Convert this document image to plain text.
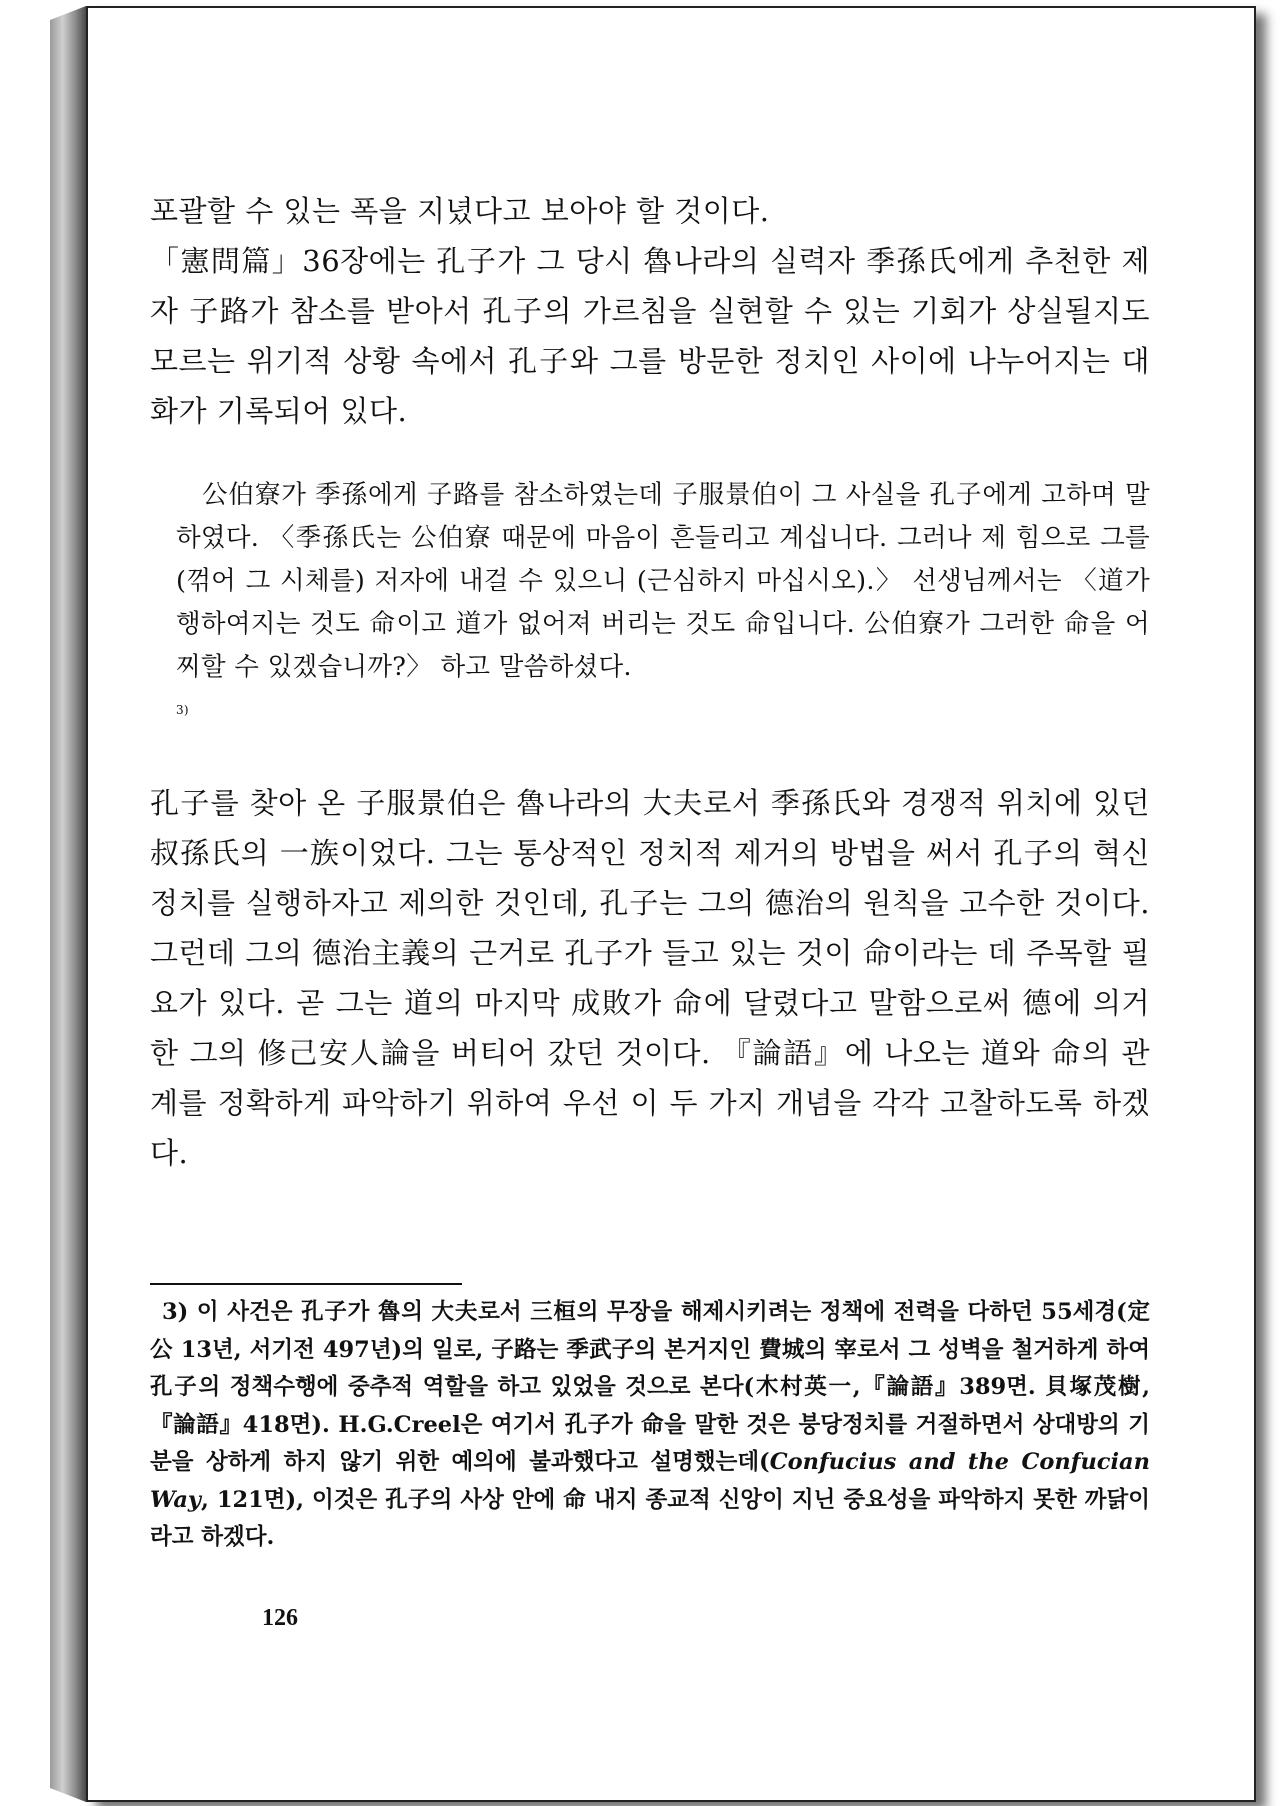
포괄할 수 있는 폭을 지녔다고 보아야 할 것이다.

「憲問篇」36장에는 孔子가 그 당시 魯나라의 실력자 季孫氏에게 추천한 제자 子路가 참소를 받아서 孔子의 가르침을 실현할 수 있는 기회가 상실될지도 모르는 위기적 상황 속에서 孔子와 그를 방문한 정치인 사이에 나누어지는 대화가 기록되어 있다.

公伯寮가 季孫에게 子路를 참소하였는데 子服景伯이 그 사실을 孔子에게 고하며 말하였다. 〈季孫氏는 公伯寮 때문에 마음이 흔들리고 계십니다. 그러나 제 힘으로 그를(꺾어 그 시체를) 저자에 내걸 수 있으니 (근심하지 마십시오).〉 선생님께서는 〈道가 행하여지는 것도 命이고 道가 없어져 버리는 것도 命입니다. 公伯寮가 그러한 命을 어찌할 수 있겠습니까?〉 하고 말씀하셨다.
$^{3)}$

孔子를 찾아 온 子服景伯은 魯나라의 大夫로서 季孫氏와 경쟁적 위치에 있던 叔孫氏의 一族이었다. 그는 통상적인 정치적 제거의 방법을 써서 孔子의 혁신정치를 실행하자고 제의한 것인데, 孔子는 그의 德治의 원칙을 고수한 것이다. 그런데 그의 德治主義의 근거로 孔子가 들고 있는 것이 命이라는 데 주목할 필요가 있다. 곧 그는 道의 마지막 成敗가 命에 달렸다고 말함으로써 德에 의거한 그의 修己安人論을 버티어 갔던 것이다. 『論語』에 나오는 道와 命의 관계를 정확하게 파악하기 위하여 우선 이 두 가지 개념을 각각 고찰하도록 하겠다.

3) 이 사건은 孔子가 魯의 大夫로서 三桓의 무장을 해제시키려는 정책에 전력을 다하던 55세경(定公 13년, 서기전 497년)의 일로, 子路는 季武子의 본거지인 費城의 宰로서 그 성벽을 철거하게 하여 孔子의 정책수행에 중추적 역할을 하고 있었을 것으로 본다(木村英一,『論語』389면. 貝塚茂樹,『論語』418면). H.G.Creel은 여기서 孔子가 命을 말한 것은 붕당정치를 거절하면서 상대방의 기분을 상하게 하지 않기 위한 예의에 불과했다고 설명했는데(Confucius and the Confucian Way, 121면), 이것은 孔子의 사상 안에 命 내지 종교적 신앙이 지닌 중요성을 파악하지 못한 까닭이라고 하겠다.
126
